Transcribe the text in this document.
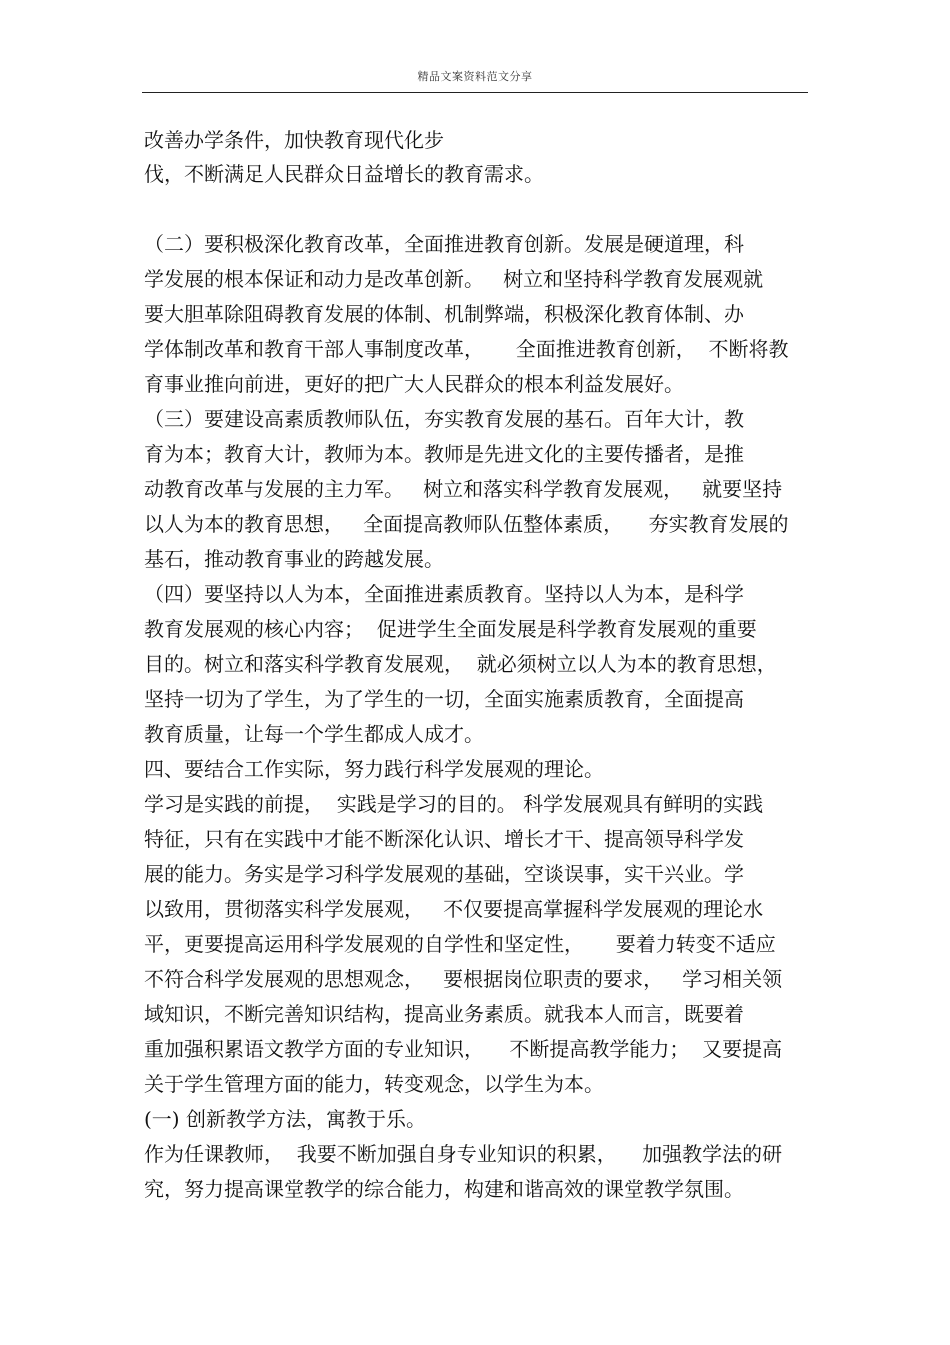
精品文案资料范文分享
改善办学条件，加快教育现代化步
伐，不断满足人民群众日益增长的教育需求。
（二）要积极深化教育改革，全面推进教育创新。发展是硬道理，科
学发展的根本保证和动力是改革创新。   树立和坚持科学教育发展观就
要大胆革除阻碍教育发展的体制、机制弊端，积极深化教育体制、办
学体制改革和教育干部人事制度改革，     全面推进教育创新，  不断将教
育事业推向前进，更好的把广大人民群众的根本利益发展好。
（三）要建设高素质教师队伍，夯实教育发展的基石。百年大计，教
育为本；教育大计，教师为本。教师是先进文化的主要传播者，是推
动教育改革与发展的主力军。   树立和落实科学教育发展观，   就要坚持
以人为本的教育思想，   全面提高教师队伍整体素质，    夯实教育发展的
基石，推动教育事业的跨越发展。
（四）要坚持以人为本，全面推进素质教育。坚持以人为本，是科学
教育发展观的核心内容；  促进学生全面发展是科学教育发展观的重要
目的。树立和落实科学教育发展观，  就必须树立以人为本的教育思想，
坚持一切为了学生，为了学生的一切，全面实施素质教育，全面提高
教育质量，让每一个学生都成人成才。
四、要结合工作实际，努力践行科学发展观的理论。
学习是实践的前提，  实践是学习的目的。 科学发展观具有鲜明的实践
特征，只有在实践中才能不断深化认识、增长才干、提高领导科学发
展的能力。务实是学习科学发展观的基础，空谈误事，实干兴业。学
以致用，贯彻落实科学发展观，   不仅要提高掌握科学发展观的理论水
平，更要提高运用科学发展观的自学性和坚定性，     要着力转变不适应
不符合科学发展观的思想观念，   要根据岗位职责的要求，   学习相关领
域知识，不断完善知识结构，提高业务素质。就我本人而言，既要着
重加强积累语文教学方面的专业知识，    不断提高教学能力；  又要提高
关于学生管理方面的能力，转变观念，以学生为本。
(一) 创新教学方法，寓教于乐。
作为任课教师，  我要不断加强自身专业知识的积累，    加强教学法的研
究，努力提高课堂教学的综合能力，构建和谐高效的课堂教学氛围。
